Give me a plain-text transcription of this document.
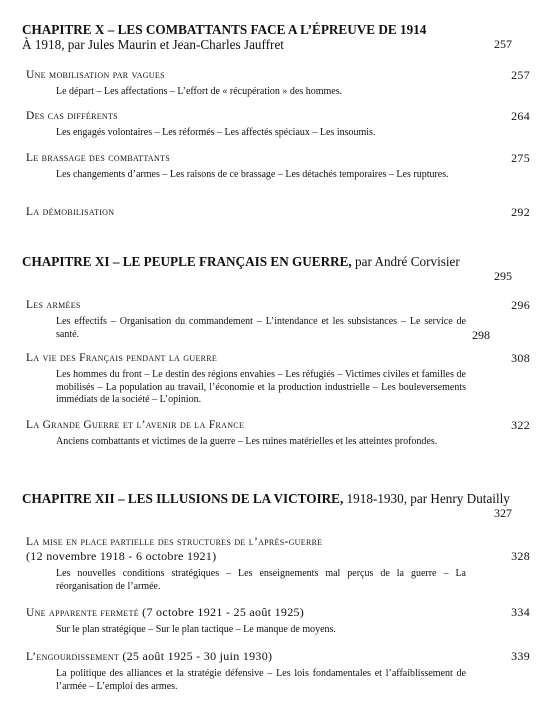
CHAPITRE X – LES COMBATTANTS FACE A L’ÉPREUVE DE 1914
À 1918, par Jules Maurin et Jean-Charles Jauffret	257
Une mobilisation par vagues	257
Le départ – Les affectations – L’effort de « récupération » des hommes.
Des cas différents	264
Les engagés volontaires – Les réformés – Les affectés spéciaux – Les insoumis.
Le brassage des combattants	275
Les changements d’armes – Les raisons de ce brassage – Les détachés temporaires – Les ruptures.
La démobilisation	292
CHAPITRE XI – LE PEUPLE FRANÇAIS EN GUERRE, par André Corvisier
295
Les armées	296
Les effectifs – Organisation du commandement – L’intendance et les subsistances – Le service de santé.	298
La vie des Français pendant la guerre	308
Les hommes du front – Le destin des régions envahies – Les réfugiés – Victimes civiles et familles de mobilisés – La population au travail, l’économie et la production industrielle – Les bouleversements immédiats de la société – L’opinion.
La Grande Guerre et l’avenir de la France	322
Anciens combattants et victimes de la guerre – Les ruines matérielles et les atteintes profondes.
CHAPITRE XII – LES ILLUSIONS DE LA VICTOIRE, 1918-1930, par Henry Dutailly
327
La mise en place partielle des structures de l’après-guerre
(12 novembre 1918 - 6 octobre 1921)	328
Les nouvelles conditions stratégiques – Les enseignements mal perçus de la guerre – La réorganisation de l’armée.
Une apparente fermeté (7 octobre 1921 - 25 août 1925)	334
Sur le plan stratégique – Sur le plan tactique – Le manque de moyens.
L’engourdissement (25 août 1925 - 30 juin 1930)	339
La politique des alliances et la stratégie défensive – Les lois fondamentales et l’affaiblissement de l’armée – L’emploi des armes.
